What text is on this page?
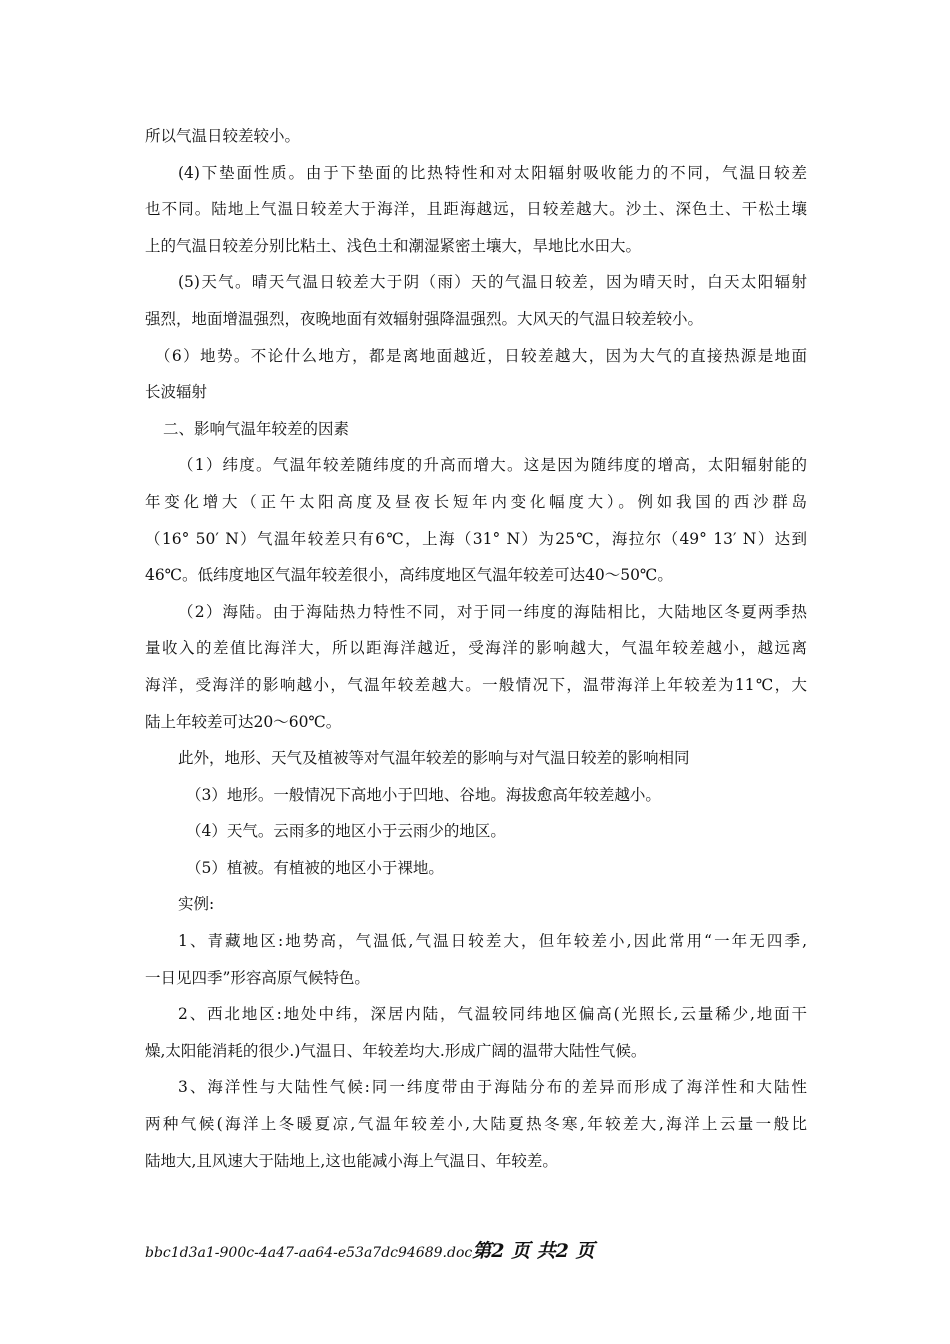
所以气温日较差较小。
(4)下垫面性质。由于下垫面的比热特性和对太阳辐射吸收能力的不同，气温日较差
也不同。陆地上气温日较差大于海洋，且距海越远，日较差越大。沙土、深色土、干松土壤
上的气温日较差分别比粘土、浅色土和潮湿紧密土壤大，旱地比水田大。
(5)天气。晴天气温日较差大于阴（雨）天的气温日较差，因为晴天时，白天太阳辐射
强烈，地面增温强烈，夜晚地面有效辐射强降温强烈。大风天的气温日较差较小。
（6）地势。不论什么地方，都是离地面越近，日较差越大，因为大气的直接热源是地面
长波辐射
二、影响气温年较差的因素
（1）纬度。气温年较差随纬度的升高而增大。这是因为随纬度的增高，太阳辐射能的
年变化增大（正午太阳高度及昼夜长短年内变化幅度大）。例如我国的西沙群岛
（16° 50′ N）气温年较差只有6℃，上海（31° N）为25℃，海拉尔（49° 13′ N）达到
46℃。低纬度地区气温年较差很小，高纬度地区气温年较差可达40～50℃。
（2）海陆。由于海陆热力特性不同，对于同一纬度的海陆相比，大陆地区冬夏两季热
量收入的差值比海洋大，所以距海洋越近，受海洋的影响越大，气温年较差越小，越远离
海洋，受海洋的影响越小，气温年较差越大。一般情况下，温带海洋上年较差为11℃，大
陆上年较差可达20～60℃。
此外，地形、天气及植被等对气温年较差的影响与对气温日较差的影响相同
（3）地形。一般情况下高地小于凹地、谷地。海拔愈高年较差越小。
（4）天气。云雨多的地区小于云雨少的地区。
（5）植被。有植被的地区小于裸地。
实例:
1、青藏地区:地势高，气温低,气温日较差大，但年较差小,因此常用“一年无四季,
一日见四季”形容高原气候特色。
2、西北地区:地处中纬，深居内陆，气温较同纬地区偏高(光照长,云量稀少,地面干
燥,太阳能消耗的很少.)气温日、年较差均大.形成广阔的温带大陆性气候。
3、海洋性与大陆性气候:同一纬度带由于海陆分布的差异而形成了海洋性和大陆性
两种气候(海洋上冬暖夏凉,气温年较差小,大陆夏热冬寒,年较差大,海洋上云量一般比
陆地大,且风速大于陆地上,这也能减小海上气温日、年较差。
bbc1d3a1-900c-4a47-aa64-e53a7dc94689.doc第2 页 共2 页
